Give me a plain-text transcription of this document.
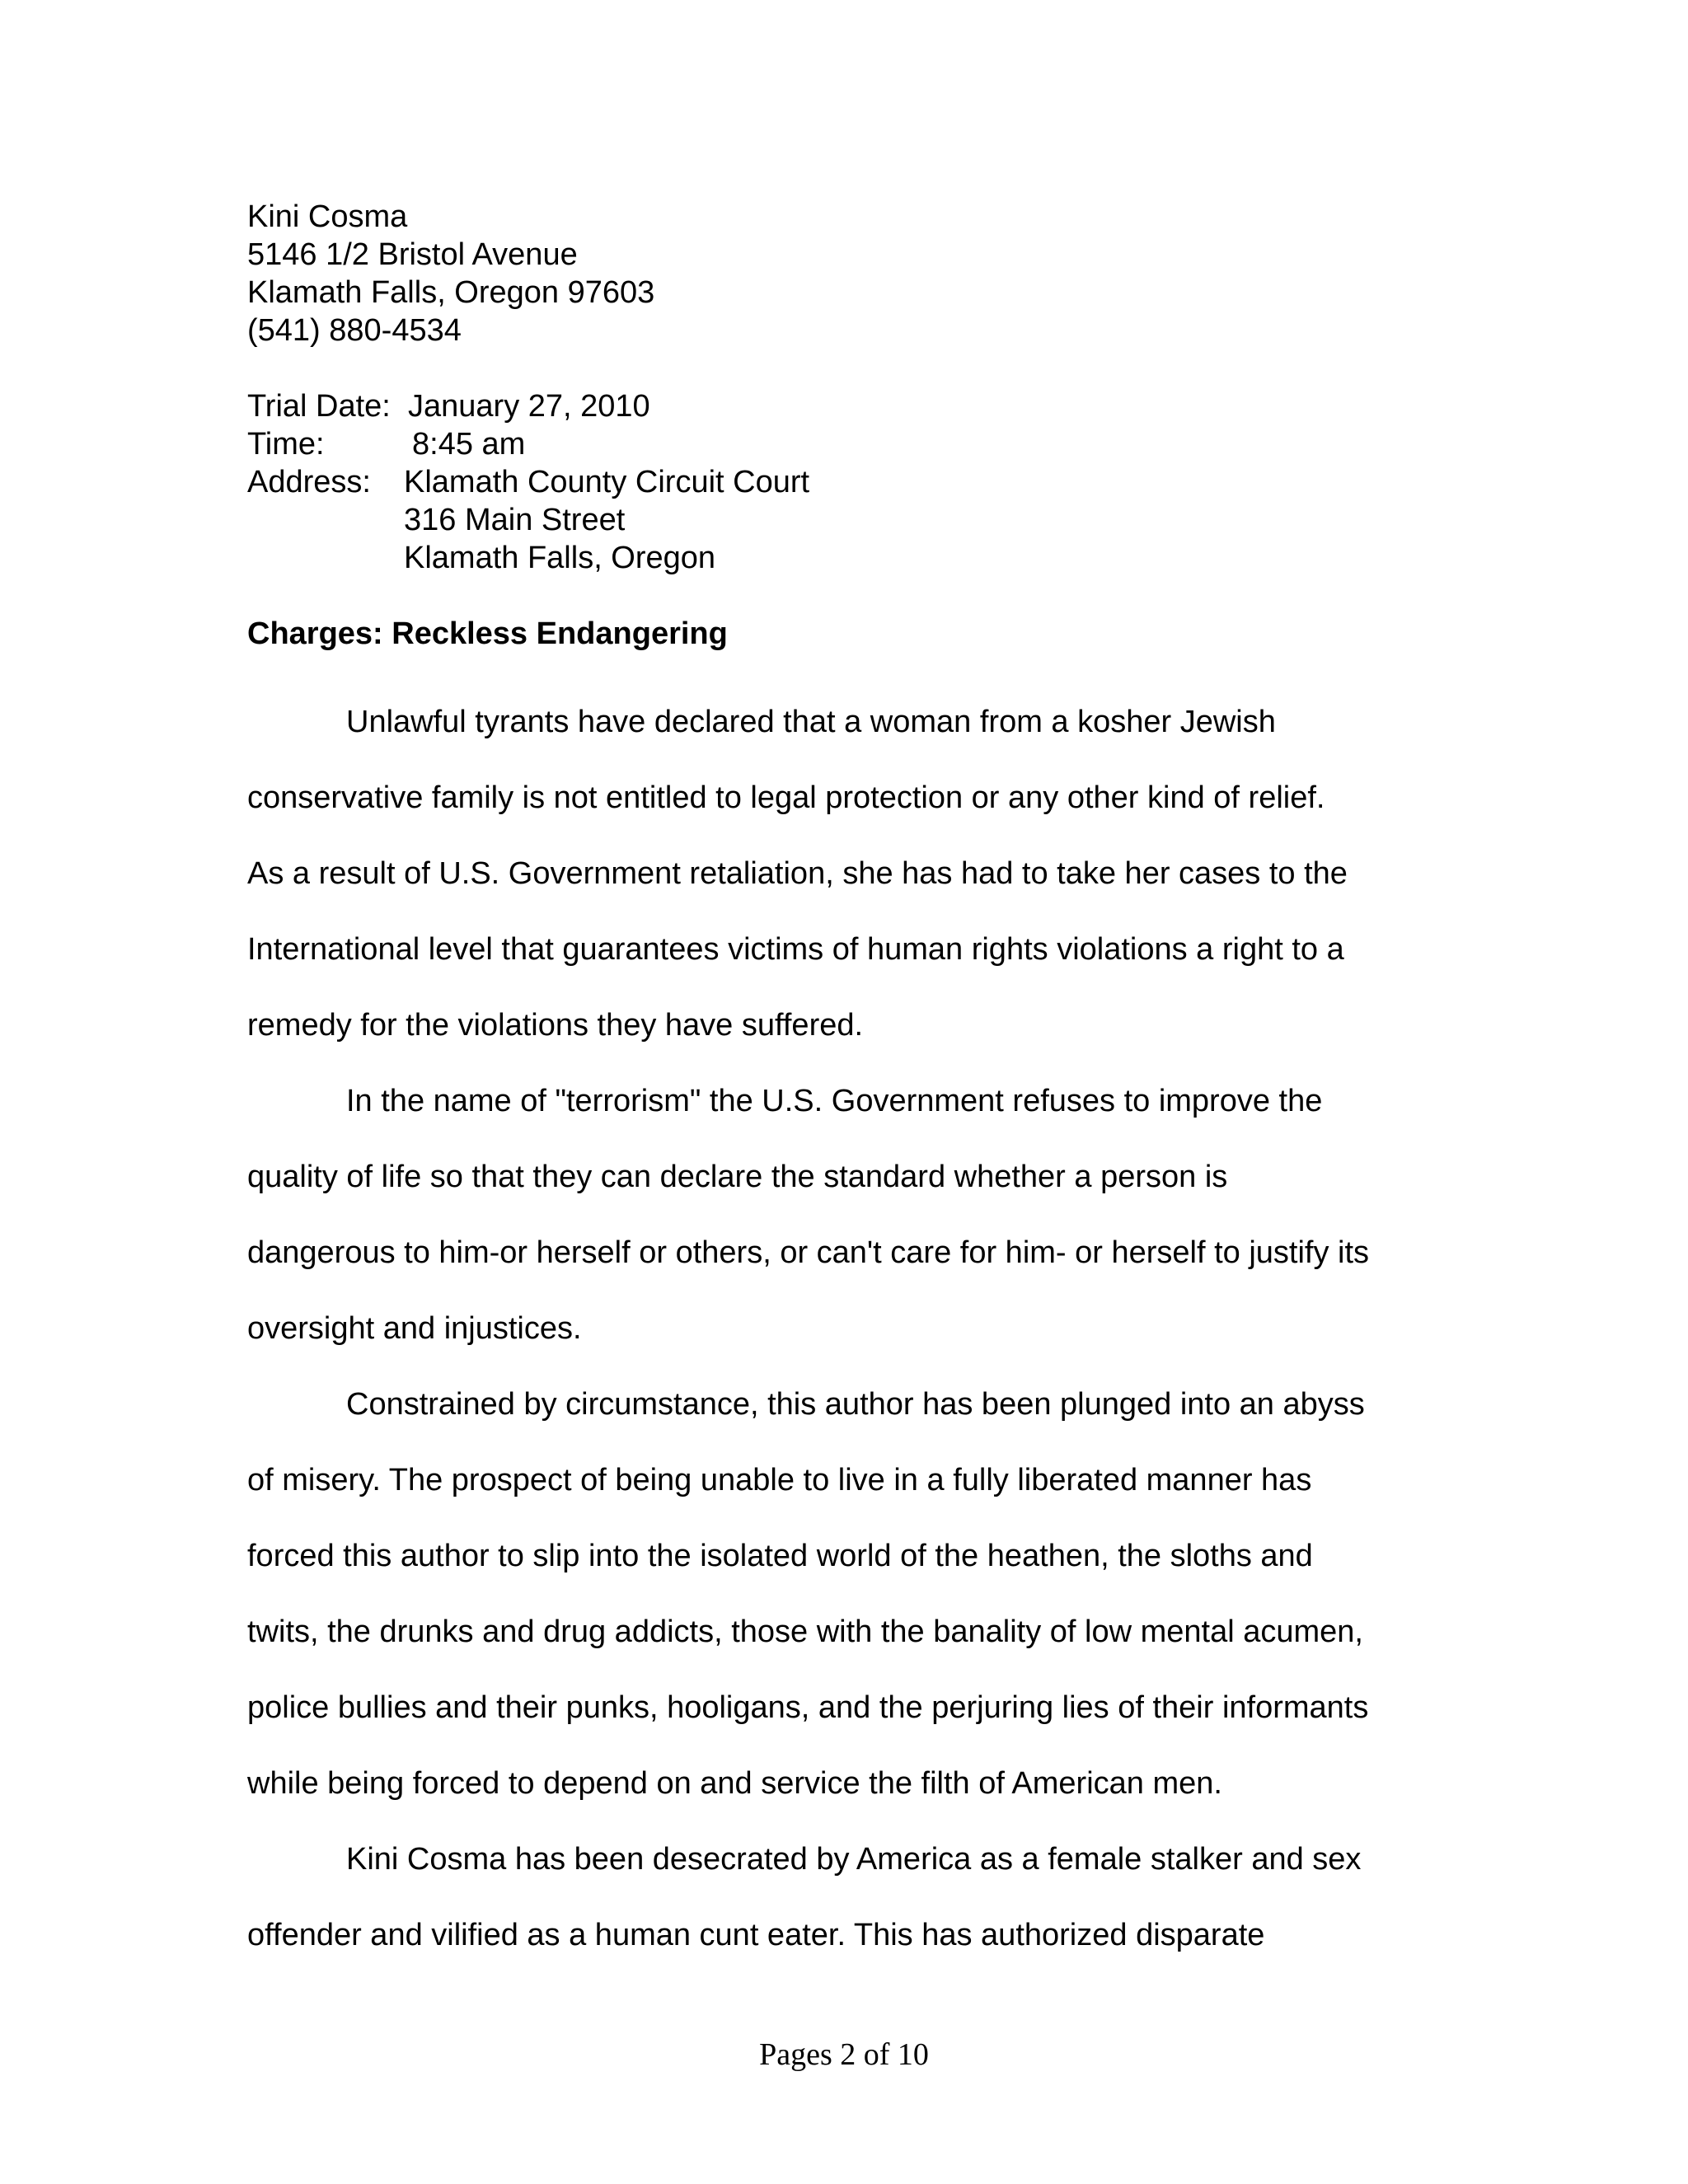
Kini Cosma
5146 1/2 Bristol Avenue
Klamath Falls, Oregon 97603
(541) 880-4534
Trial Date: January 27, 2010
Time:	8:45 am
Address: Klamath County Circuit Court
316 Main Street
Klamath Falls, Oregon
Charges: Reckless Endangering
Unlawful tyrants have declared that a woman from a kosher Jewish
conservative family is not entitled to legal protection or any other kind of relief.
As a result of U.S. Government retaliation, she has had to take her cases to the
International level that guarantees victims of human rights violations a right to a
remedy for the violations they have suffered.
In the name of "terrorism" the U.S. Government refuses to improve the
quality of life so that they can declare the standard whether a person is
dangerous to him-or herself or others, or can't care for him- or herself to justify its
oversight and injustices.
Constrained by circumstance, this author has been plunged into an abyss
of misery. The prospect of being unable to live in a fully liberated manner has
forced this author to slip into the isolated world of the heathen, the sloths and
twits, the drunks and drug addicts, those with the banality of low mental acumen,
police bullies and their punks, hooligans, and the perjuring lies of their informants
while being forced to depend on and service the filth of American men.
Kini Cosma has been desecrated by America as a female stalker and sex
offender and vilified as a human cunt eater. This has authorized disparate
Pages 2 of 10
